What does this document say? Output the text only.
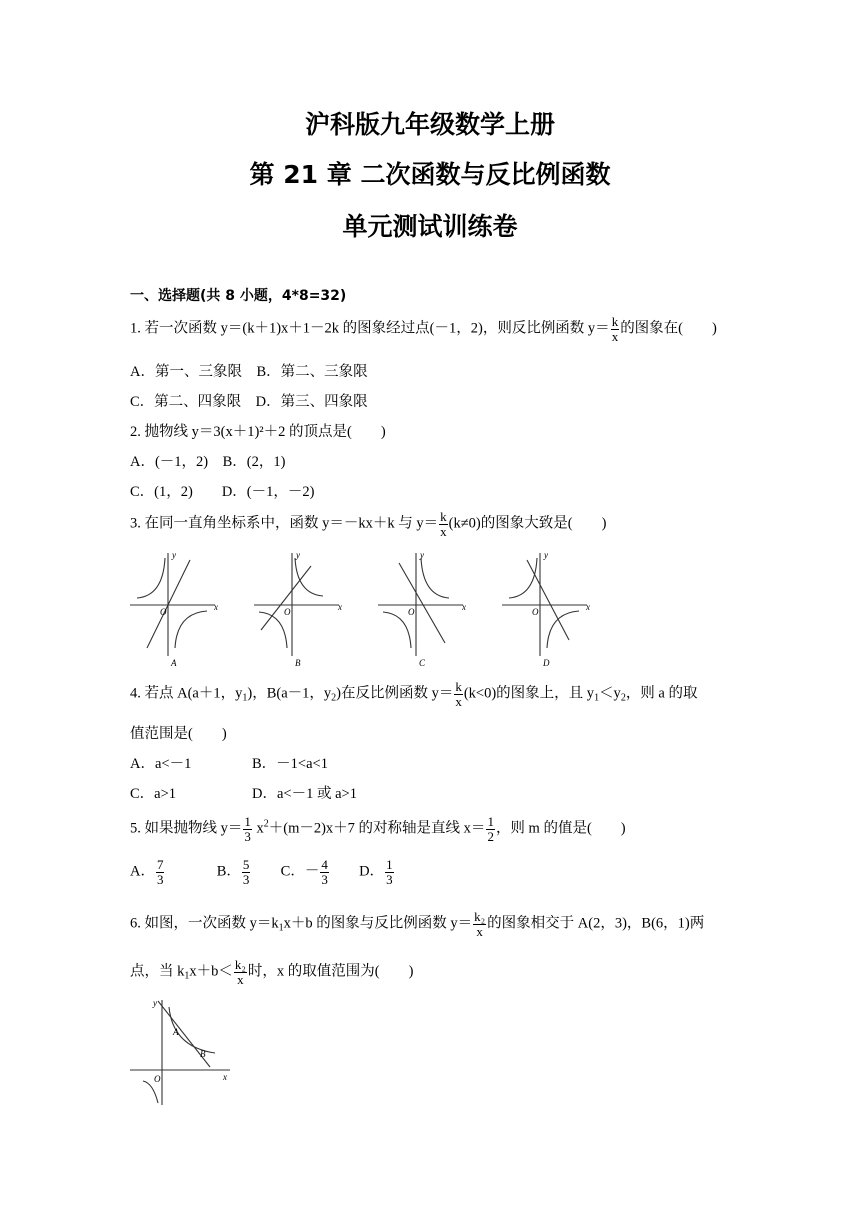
沪科版九年级数学上册
第 21 章 二次函数与反比例函数
单元测试训练卷
一、选择题(共 8 小题，4*8=32)
1. 若一次函数 y＝(k＋1)x＋1－2k 的图象经过点(－1，2)，则反比例函数 $y= \frac{k}{x}$ 的图象在(　　)
A．第一、三象限　B．第二、三象限
C．第二、四象限　D．第三、四象限
2. 抛物线 y＝3(x＋1)²＋2 的顶点是(　　)
A．(－1，2)　B．(2，1)
C．(1，2)　　D．(－1，－2)
3. 在同一直角坐标系中，函数 y＝－kx＋k 与 $y= \frac{k}{x} (k\ne 0)$的图象大致是(　　)
y
x
O
A
y
x
O
B
y
x
O
C
y
x
O
D
4. 若点 A(a＋1，$y_1$)，B(a－1，$y_2$)在反比例函数 $y= \frac{k}{x} (k<0)$的图象上，且 $y_1<y_2$，则 a 的取
值范围是(　　)
A．a<－1	B．－1<a<1
C．a>1	D．a<－1 或 a>1
5. 如果抛物线 $y= \frac{1}{3} x^2+(m-2)x+7$ 的对称轴是直线 $x= \frac{1}{2}$ ，则 m 的值是(　　)
A． $\frac{7}{3}$	B． $\frac{5}{3}$ C．－ $\frac{4}{3}$ D． $\frac{1}{3}$
6. 如图，一次函数 $y=k_1x+b$ 的图象与反比例函数 $y= \frac{\text{k₂}}{x}$ 的图象相交于 A(2，3)，B(6，1)两
点，当 $k_1x+b< \frac{\text{k₂}}{x}$ 时，x 的取值范围为(　　)
y
x
O
A
B
